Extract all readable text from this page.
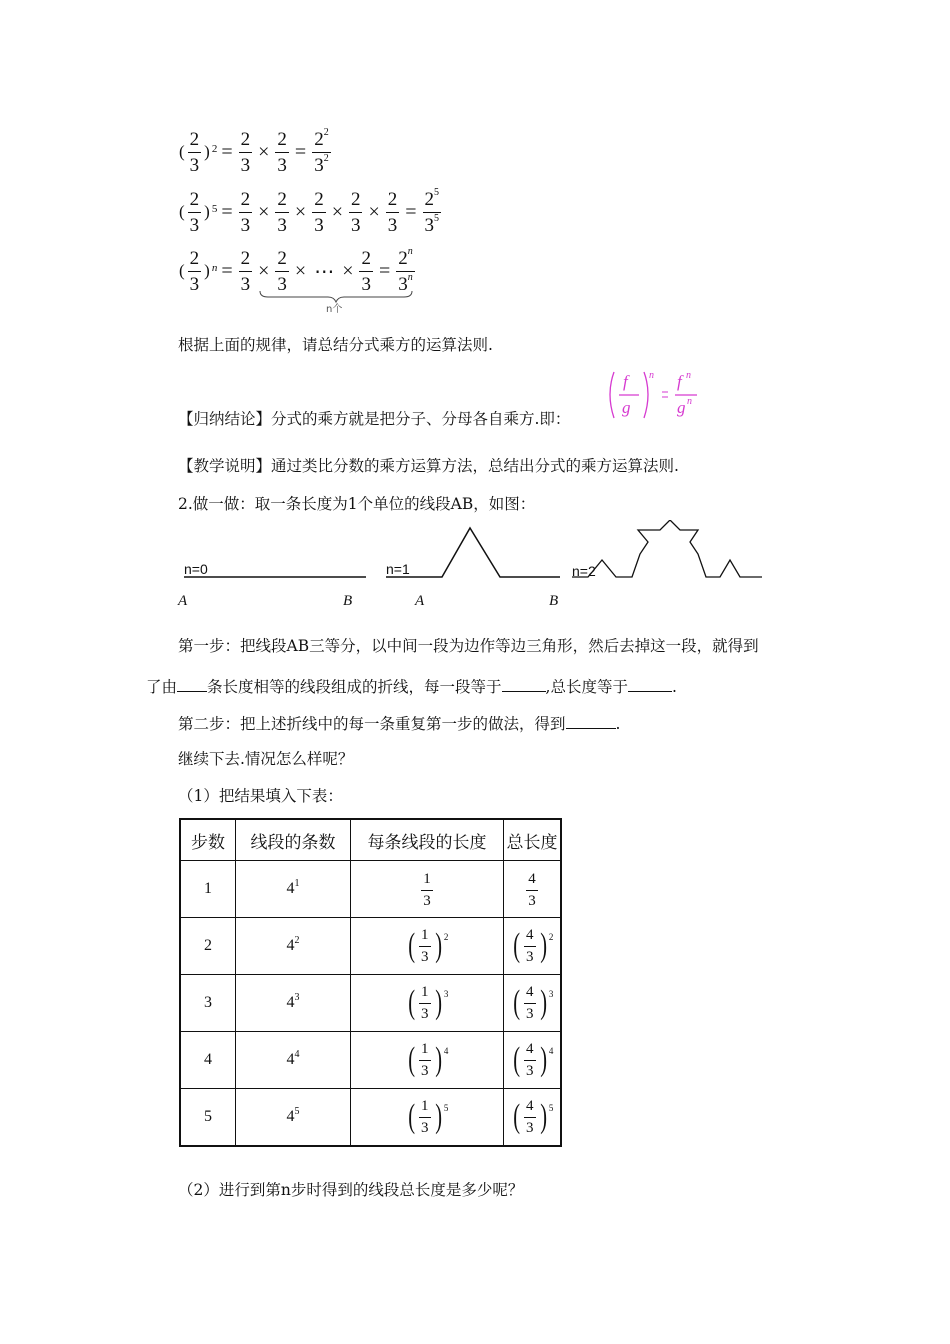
( $\frac{2}{3}$ ) $2 = \frac{2}{3} \times \frac{2}{3} = \frac{2^2}{3^2}$
( $\frac{2}{3}$ ) $5 = \frac{2}{3} \times \frac{2}{3} \times \frac{2}{3} \times \frac{2}{3} \times \frac{2}{3} = \frac{2^5}{3^5}$
( $\frac{2}{3}$ ) $n = \frac{2}{3} \times \frac{2}{3}$ × ⋯ × $\frac{2}{3} = \frac{2^n}{3^n}$
n个
根据上面的规律，请总结分式乘方的运算法则.
【归纳结论】分式的乘方就是把分子、分母各自乘方.即：
f
g
n f n
g n
【教学说明】通过类比分数的乘方运算方法，总结出分式的乘方运算法则.
2.做一做：取一条长度为1个单位的线段AB，如图：
n=0	n=1	n=2
A	B	A	B
第一步：把线段AB三等分，以中间一段为边作等边三角形，然后去掉这一段，就得到
了由 条长度相等的线段组成的折线，每一段等于	,总长度等于	.
第二步：把上述折线中的每一条重复第一步的做法，得到	.
继续下去.情况怎么样呢？
（1）把结果填入下表：
步数	线段的条数	每条线段的长度	总长度
1	$4^1$	$\frac{1}{3}$	$\frac{4}{3}$

2	$4^2$	( $\frac{1}{3}$ ) 2	( $\frac{4}{3}$ ) 2

3	$4^3$	( $\frac{1}{3}$ ) 3	( $\frac{4}{3}$ ) 3

4	$4^4$	( $\frac{1}{3}$ ) 4	( $\frac{4}{3}$ ) 4

5	$4^5$	( $\frac{1}{3}$ ) 5	( $\frac{4}{3}$ ) 5
（2）进行到第n步时得到的线段总长度是多少呢？
